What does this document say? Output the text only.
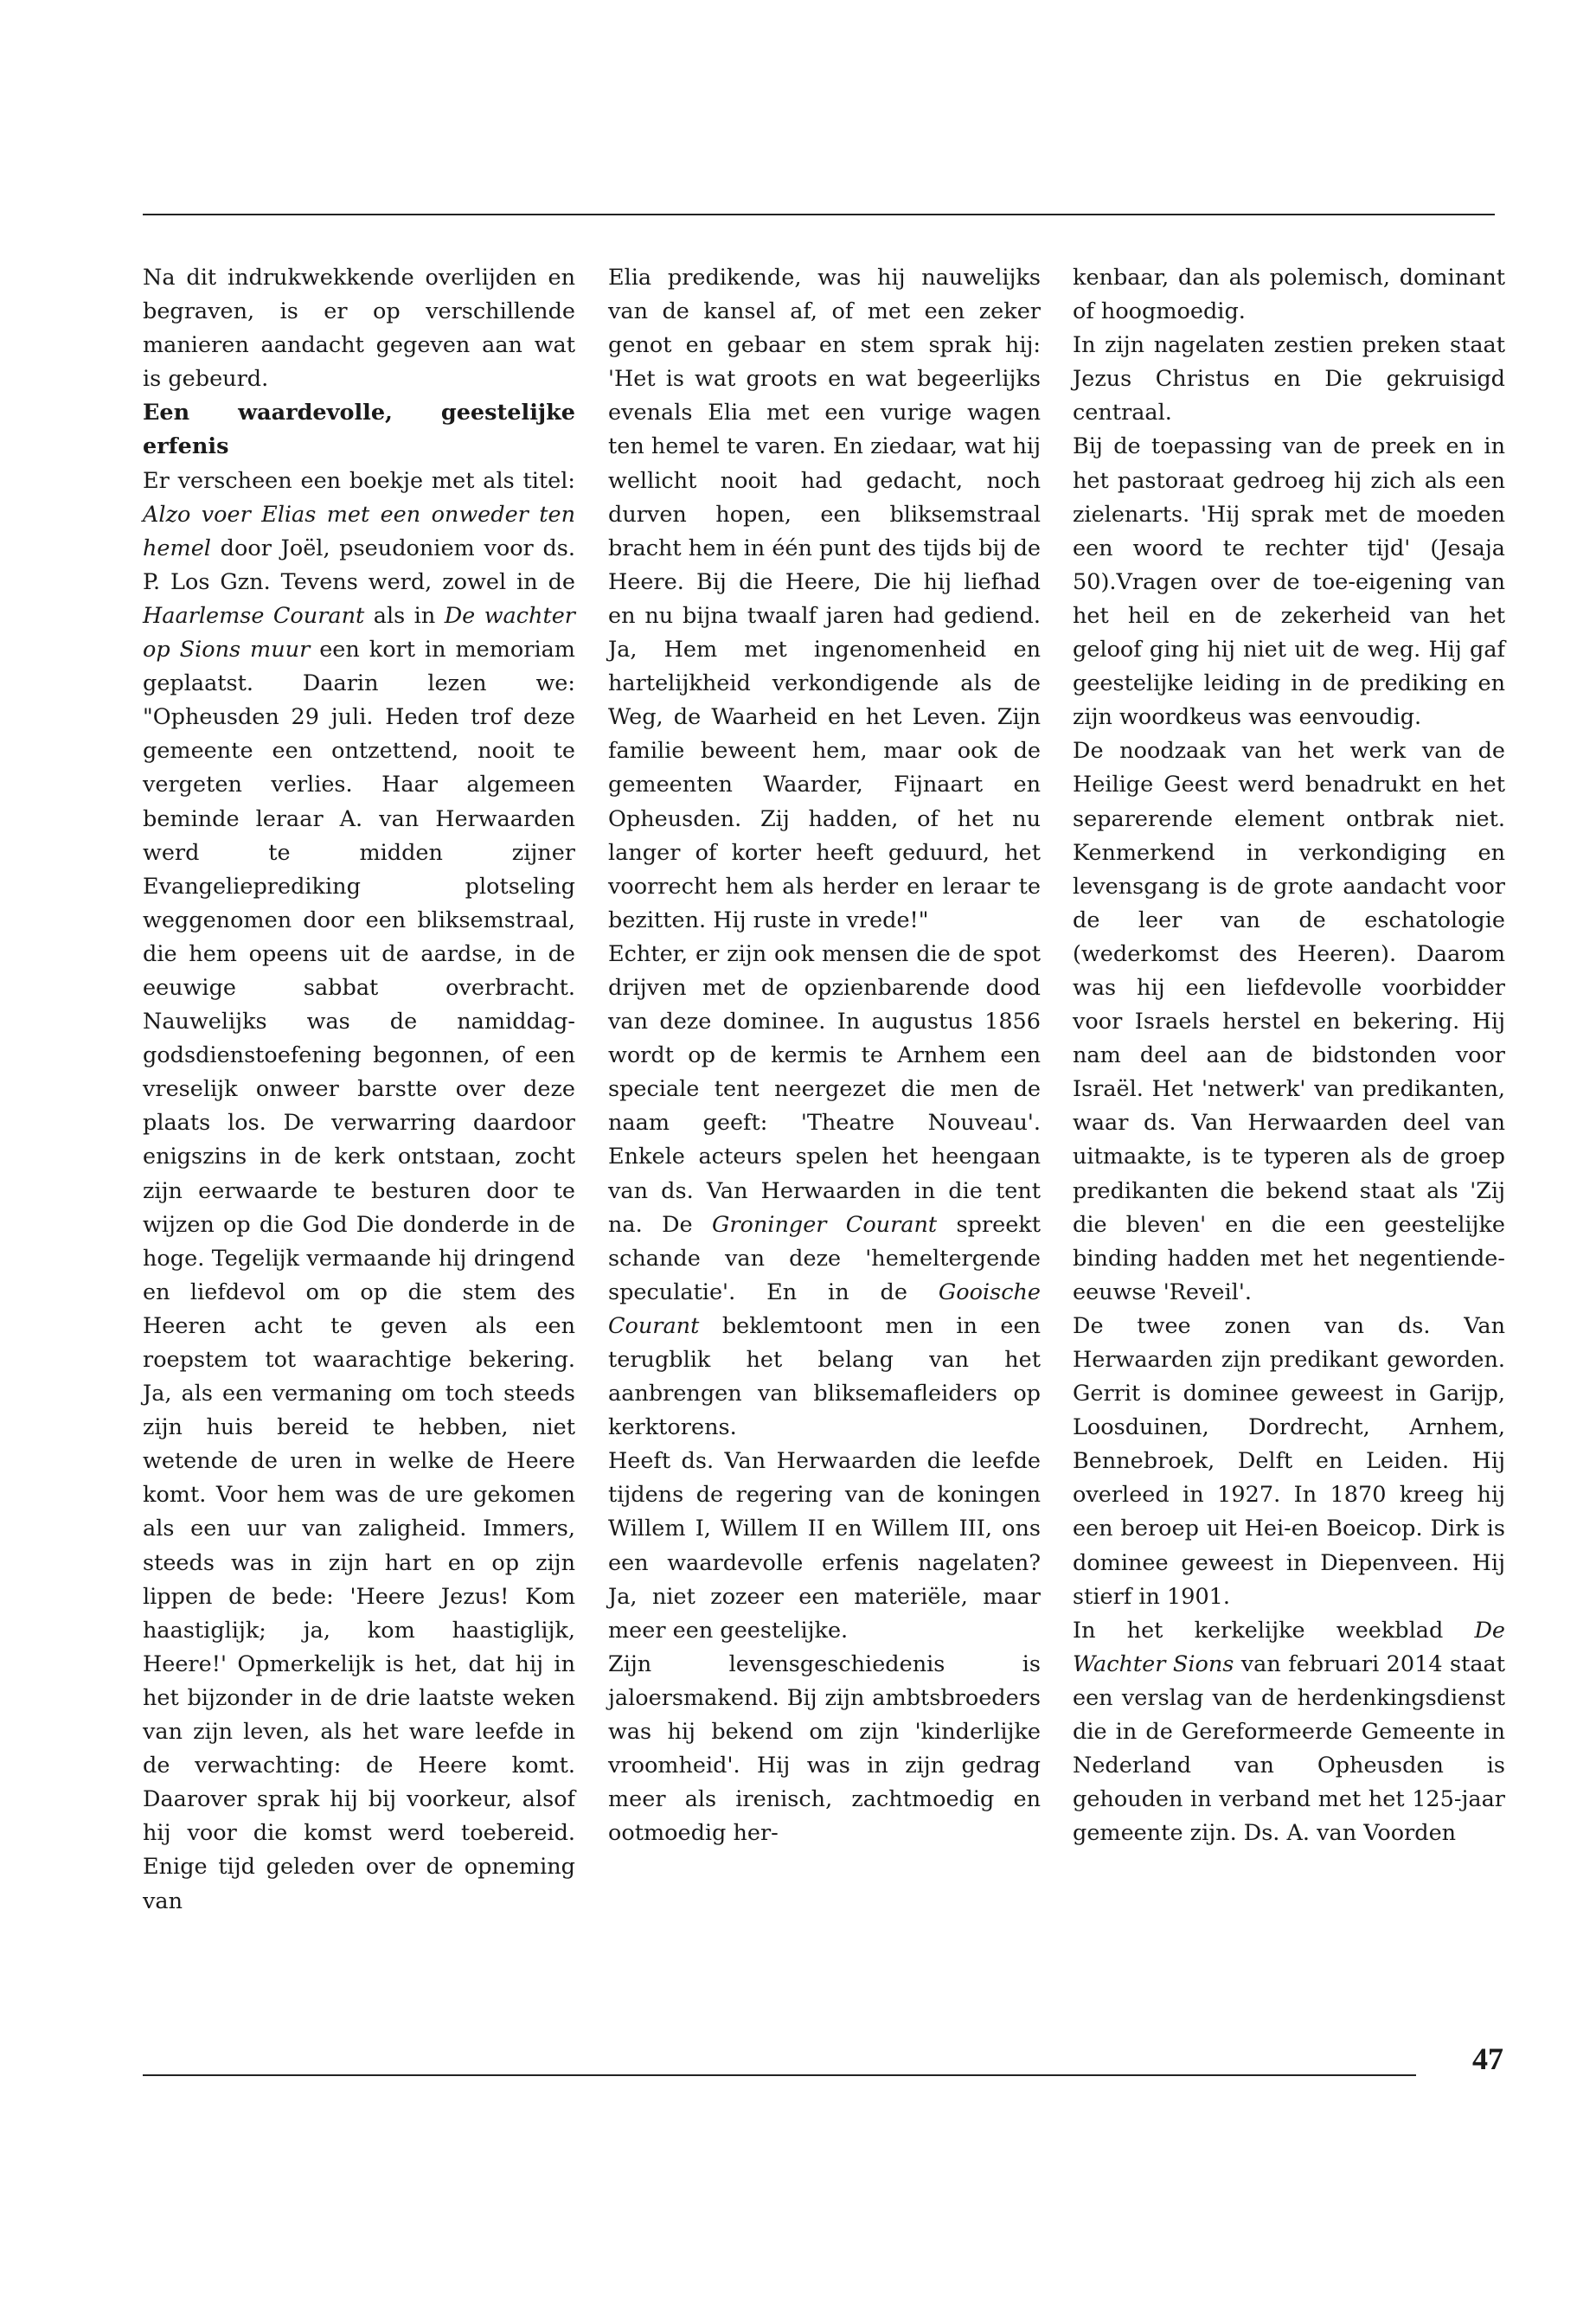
Na dit indrukwekkende overlijden en begraven, is er op verschillende manieren aandacht gegeven aan wat is gebeurd.

Een waardevolle, geestelijke erfenis

Er verscheen een boekje met als titel: Alzo voer Elias met een onweder ten hemel door Joël, pseudoniem voor ds. P. Los Gzn. Tevens werd, zowel in de Haarlemse Courant als in De wachter op Sions muur een kort in memoriam geplaatst. Daarin lezen we: "Opheusden 29 juli. Heden trof deze gemeente een ontzettend, nooit te vergeten verlies. Haar algemeen beminde leraar A. van Herwaarden werd te midden zijner Evangelieprediking plotseling weggenomen door een bliksemstraal, die hem opeens uit de aardse, in de eeuwige sabbat overbracht. Nauwelijks was de namiddag-godsdienstoefening begonnen, of een vreselijk onweer barstte over deze plaats los. De verwarring daardoor enigszins in de kerk ontstaan, zocht zijn eerwaarde te besturen door te wijzen op die God Die donderde in de hoge. Tegelijk vermaande hij dringend en liefdevol om op die stem des Heeren acht te geven als een roepstem tot waarachtige bekering. Ja, als een vermaning om toch steeds zijn huis bereid te hebben, niet wetende de uren in welke de Heere komt. Voor hem was de ure gekomen als een uur van zaligheid. Immers, steeds was in zijn hart en op zijn lippen de bede: 'Heere Jezus! Kom haastiglijk; ja, kom haastiglijk, Heere!' Opmerkelijk is het, dat hij in het bijzonder in de drie laatste weken van zijn leven, als het ware leefde in de verwachting: de Heere komt. Daarover sprak hij bij voorkeur, alsof hij voor die komst werd toebereid. Enige tijd geleden over de opneming van

Elia predikende, was hij nauwelijks van de kansel af, of met een zeker genot en gebaar en stem sprak hij: 'Het is wat groots en wat begeerlijks evenals Elia met een vurige wagen ten hemel te varen. En ziedaar, wat hij wellicht nooit had gedacht, noch durven hopen, een bliksemstraal bracht hem in één punt des tijds bij de Heere. Bij die Heere, Die hij liefhad en nu bijna twaalf jaren had gediend. Ja, Hem met ingenomenheid en hartelijkheid verkondigende als de Weg, de Waarheid en het Leven. Zijn familie beweent hem, maar ook de gemeenten Waarder, Fijnaart en Opheusden. Zij hadden, of het nu langer of korter heeft geduurd, het voorrecht hem als herder en leraar te bezitten. Hij ruste in vrede!"

Echter, er zijn ook mensen die de spot drijven met de opzienbarende dood van deze dominee. In augustus 1856 wordt op de kermis te Arnhem een speciale tent neergezet die men de naam geeft: 'Theatre Nouveau'. Enkele acteurs spelen het heengaan van ds. Van Herwaarden in die tent na. De Groninger Courant spreekt schande van deze 'hemeltergende speculatie'. En in de Gooische Courant beklemtoont men in een terugblik het belang van het aanbrengen van bliksemafleiders op kerktorens.

Heeft ds. Van Herwaarden die leefde tijdens de regering van de koningen Willem I, Willem II en Willem III, ons een waardevolle erfenis nagelaten? Ja, niet zozeer een materiële, maar meer een geestelijke.

Zijn levensgeschiedenis is jaloersmakend. Bij zijn ambtsbroeders was hij bekend om zijn 'kinderlijke vroomheid'. Hij was in zijn gedrag meer als irenisch, zachtmoedig en ootmoedig her-

kenbaar, dan als polemisch, dominant of hoogmoedig.

In zijn nagelaten zestien preken staat Jezus Christus en Die gekruisigd centraal.

Bij de toepassing van de preek en in het pastoraat gedroeg hij zich als een zielenarts. 'Hij sprak met de moeden een woord te rechter tijd' (Jesaja 50).Vragen over de toe-eigening van het heil en de zekerheid van het geloof ging hij niet uit de weg. Hij gaf geestelijke leiding in de prediking en zijn woordkeus was eenvoudig.

De noodzaak van het werk van de Heilige Geest werd benadrukt en het separerende element ontbrak niet. Kenmerkend in verkondiging en levensgang is de grote aandacht voor de leer van de eschatologie (wederkomst des Heeren). Daarom was hij een liefdevolle voorbidder voor Israels herstel en bekering. Hij nam deel aan de bidstonden voor Israël. Het 'netwerk' van predikanten, waar ds. Van Herwaarden deel van uitmaakte, is te typeren als de groep predikanten die bekend staat als 'Zij die bleven' en die een geestelijke binding hadden met het negentiende-eeuwse 'Reveil'.

De twee zonen van ds. Van Herwaarden zijn predikant geworden. Gerrit is dominee geweest in Garijp, Loosduinen, Dordrecht, Arnhem, Bennebroek, Delft en Leiden. Hij overleed in 1927. In 1870 kreeg hij een beroep uit Hei-en Boeicop. Dirk is dominee geweest in Diepenveen. Hij stierf in 1901.

In het kerkelijke weekblad De Wachter Sions van februari 2014 staat een verslag van de herdenkingsdienst die in de Gereformeerde Gemeente in Nederland van Opheusden is gehouden in verband met het 125-jaar gemeente zijn. Ds. A. van Voorden

47
